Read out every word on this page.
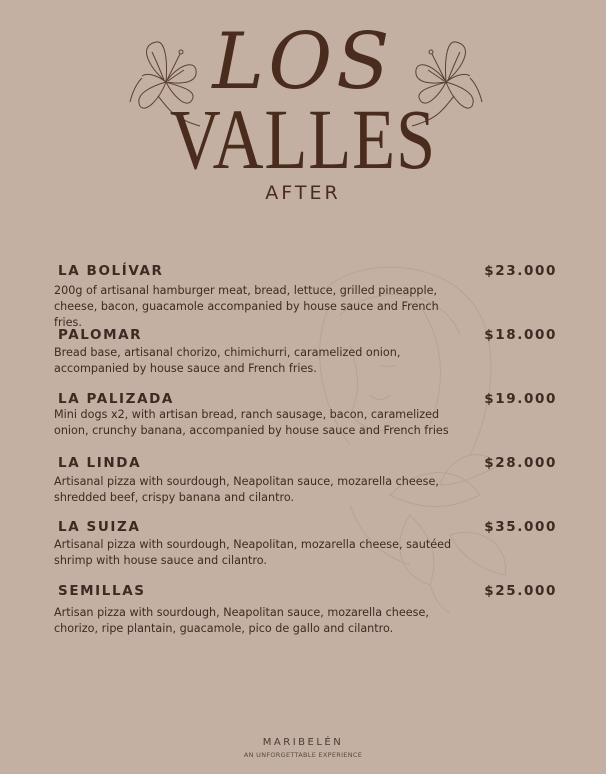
LOS
VALLES
AFTER
LA BOLÍVAR	$23.000
200g of artisanal hamburger meat, bread, lettuce, grilled pineapple, cheese, bacon, guacamole accompanied by house sauce and French fries.
PALOMAR	$18.000
Bread base, artisanal chorizo, chimichurri, caramelized onion, accompanied by house sauce and French fries.
LA PALIZADA	$19.000
Mini dogs x2, with artisan bread, ranch sausage, bacon, caramelized onion, crunchy banana, accompanied by house sauce and French fries
LA LINDA	$28.000
Artisanal pizza with sourdough, Neapolitan sauce, mozarella cheese, shredded beef, crispy banana and cilantro.
LA SUIZA	$35.000
Artisanal pizza with sourdough, Neapolitan, mozarella cheese, sautéed shrimp with house sauce and cilantro.
SEMILLAS	$25.000
Artisan pizza with sourdough, Neapolitan sauce, mozarella cheese, chorizo, ripe plantain, guacamole, pico de gallo and cilantro.
MARIBELÉN
AN UNFORGETTABLE EXPERIENCE
